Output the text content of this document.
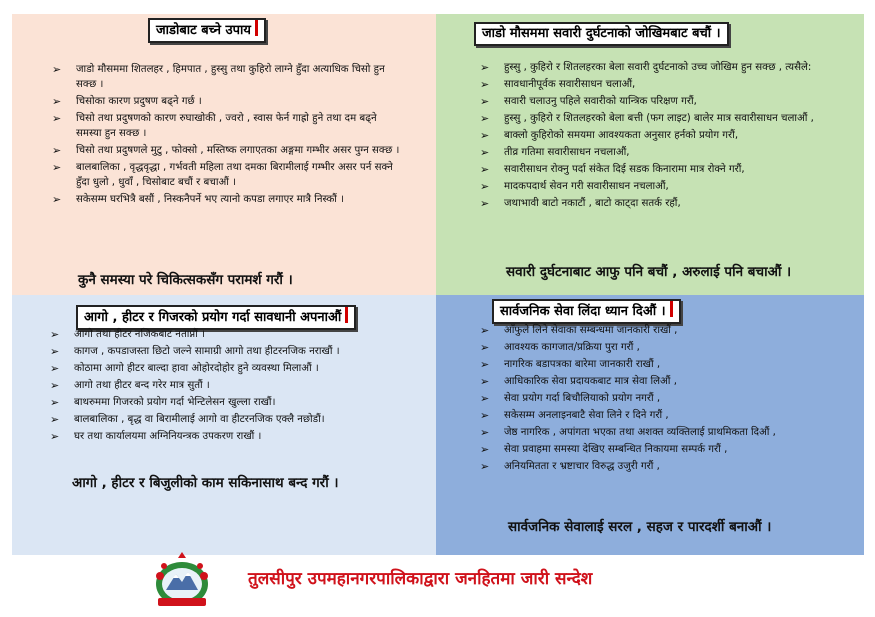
जाडोबाट बच्ने उपाय
➢ जाडो मौसममा शितलहर , हिमपात , हुस्सु तथा कुहिरो लाग्ने हुँदा अत्याधिक चिसो हुन सक्छ ।
➢ चिसोका कारण प्रदुषण बढ्ने गर्छ ।
➢ चिसो तथा प्रदुषणको कारण रुघाखोकी , ज्वरो , स्वास फेर्न गाह्रो हुने तथा दम बढ्ने समस्या हुन सक्छ ।
➢ चिसो तथा प्रदुषणले मुटु , फोक्सो , मस्तिष्क लगाएतका अङ्गमा गम्भीर असर पुग्न सक्छ ।
➢ बालबालिका , वृद्धवृद्धा , गर्भवती महिला तथा दमका बिरामीलाई गम्भीर असर पर्न सक्ने हुँदा धुलो , धुवाँ , चिसोबाट बचौं र बचाऔं ।
➢ सकेसम्म घरभित्रै बसौं , निस्कनैपर्ने भए त्यानो कपडा लगाएर मात्रै निस्कौं ।
कुनै समस्या परे चिकित्सकसँग परामर्श गरौं ।
जाडो मौसममा सवारी दुर्घटनाको जोखिमबाट बचौं ।
➢ हुस्सु , कुहिरो र शितलहरका बेला सवारी दुर्घटनाको उच्च जोखिम हुन सक्छ , त्यसैले:
➢ सावधानीपूर्वक सवारीसाधन चलाऔं,
➢ सवारी चलाउनु पहिले सवारीको यान्त्रिक परिक्षण गरौं,
➢ हुस्सु , कुहिरो र शितलहरको बेला बत्ती (फग लाइट) बालेर मात्र सवारीसाधन चलाऔं ,
➢ बाक्लो कुहिरोको समयमा आवश्यकता अनुसार हर्नको प्रयोग गरौं,
➢ तीव्र गतिमा सवारीसाधन नचलाऔं,
➢ सवारीसाधन रोक्नु पर्दा संकेत दिई सडक किनारामा मात्र रोक्ने गरौं,
➢ मादकपदार्थ सेवन गरी सवारीसाधन नचलाऔं,
➢ जथाभावी बाटो नकाटौं , बाटो काट्दा सतर्क रहौं,
सवारी दुर्घटनाबाट आफु पनि बचौं , अरुलाई पनि बचाऔं ।
आगो , हीटर र गिजरको प्रयोग गर्दा सावधानी अपनाऔं
➢ आगो तथा हीटर नजिकबाट नताप्नौं ।
➢ कागज , कपडाजस्ता छिटो जल्ने सामाग्री आगो तथा हीटरनजिक नराखौं ।
➢ कोठामा आगो हीटर बाल्दा हावा ओहोरदोहोर हुने व्यवस्था मिलाऔं ।
➢ आगो तथा हीटर बन्द गरेर मात्र सुतौं ।
➢ बाथरुममा गिजरको प्रयोग गर्दा भेन्टिलेसन खुल्ला राखौं।
➢ बालबालिका , बृद्ध वा बिरामीलाई आगो वा हीटरनजिक एक्लै नछोडौं।
➢ घर तथा कार्यालयमा अग्निनियन्त्रक उपकरण राखौं ।
आगो , हीटर र बिजुलीको काम सकिनासाथ बन्द गरौं ।
सार्वजनिक सेवा लिंदा ध्यान दिऔं ।
➢ आँफुले लिने सेवाका सम्बन्धमा जानकारी राखौं ,
➢ आवश्यक कागजात/प्रक्रिया पुरा गरौं ,
➢ नागरिक बडापत्रका बारेमा जानकारी राखौं ,
➢ आधिकारिक सेवा प्रदायकबाट मात्र सेवा लिऔं ,
➢ सेवा प्रयोग गर्दा बिचौलियाको प्रयोग नगरौं ,
➢ सकेसम्म अनलाइनबाटै सेवा लिने र दिने गरौं ,
➢ जेष्ठ नागरिक , अपांगता भएका तथा अशक्त व्यक्तिलाई प्राथमिकता दिऔं ,
➢ सेवा प्रवाहमा समस्या देखिए सम्बन्धित निकायमा सम्पर्क गरौं ,
➢ अनियमितता र भ्रष्टाचार विरुद्ध उजुरी गरौं ,
सार्वजनिक सेवालाई सरल , सहज र पारदर्शी बनाऔं ।
तुलसीपुर उपमहानगरपालिकाद्वारा जनहितमा जारी सन्देश
